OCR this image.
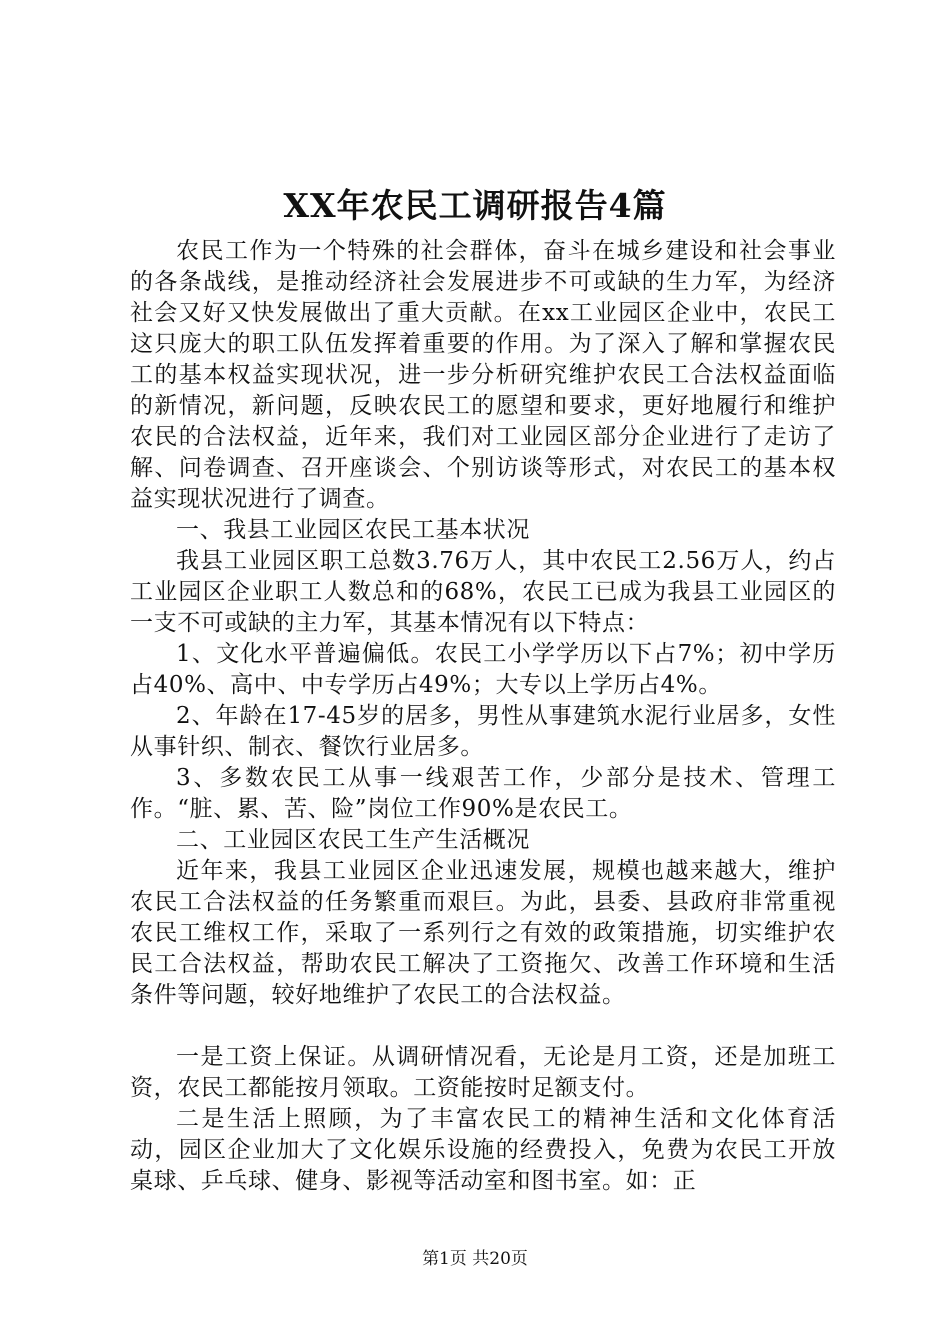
XX年农民工调研报告4篇

农民工作为一个特殊的社会群体，奋斗在城乡建设和社会事业的各条战线，是推动经济社会发展进步不可或缺的生力军，为经济社会又好又快发展做出了重大贡献。在xx工业园区企业中，农民工这只庞大的职工队伍发挥着重要的作用。为了深入了解和掌握农民工的基本权益实现状况，进一步分析研究维护农民工合法权益面临的新情况，新问题，反映农民工的愿望和要求，更好地履行和维护农民的合法权益，近年来，我们对工业园区部分企业进行了走访了解、问卷调查、召开座谈会、个别访谈等形式，对农民工的基本权益实现状况进行了调查。

一、我县工业园区农民工基本状况

我县工业园区职工总数3.76万人，其中农民工2.56万人，约占工业园区企业职工人数总和的68%，农民工已成为我县工业园区的一支不可或缺的主力军，其基本情况有以下特点：

1、文化水平普遍偏低。农民工小学学历以下占7%；初中学历占40%、高中、中专学历占49%；大专以上学历占4%。

2、年龄在17-45岁的居多，男性从事建筑水泥行业居多，女性从事针织、制衣、餐饮行业居多。

3、多数农民工从事一线艰苦工作，少部分是技术、管理工作。“脏、累、苦、险”岗位工作90%是农民工。

二、工业园区农民工生产生活概况

近年来，我县工业园区企业迅速发展，规模也越来越大，维护农民工合法权益的任务繁重而艰巨。为此，县委、县政府非常重视农民工维权工作，采取了一系列行之有效的政策措施，切实维护农民工合法权益，帮助农民工解决了工资拖欠、改善工作环境和生活条件等问题，较好地维护了农民工的合法权益。

一是工资上保证。从调研情况看，无论是月工资，还是加班工资，农民工都能按月领取。工资能按时足额支付。

二是生活上照顾，为了丰富农民工的精神生活和文化体育活动，园区企业加大了文化娱乐设施的经费投入，免费为农民工开放桌球、乒乓球、健身、影视等活动室和图书室。如：正

第1页 共20页
